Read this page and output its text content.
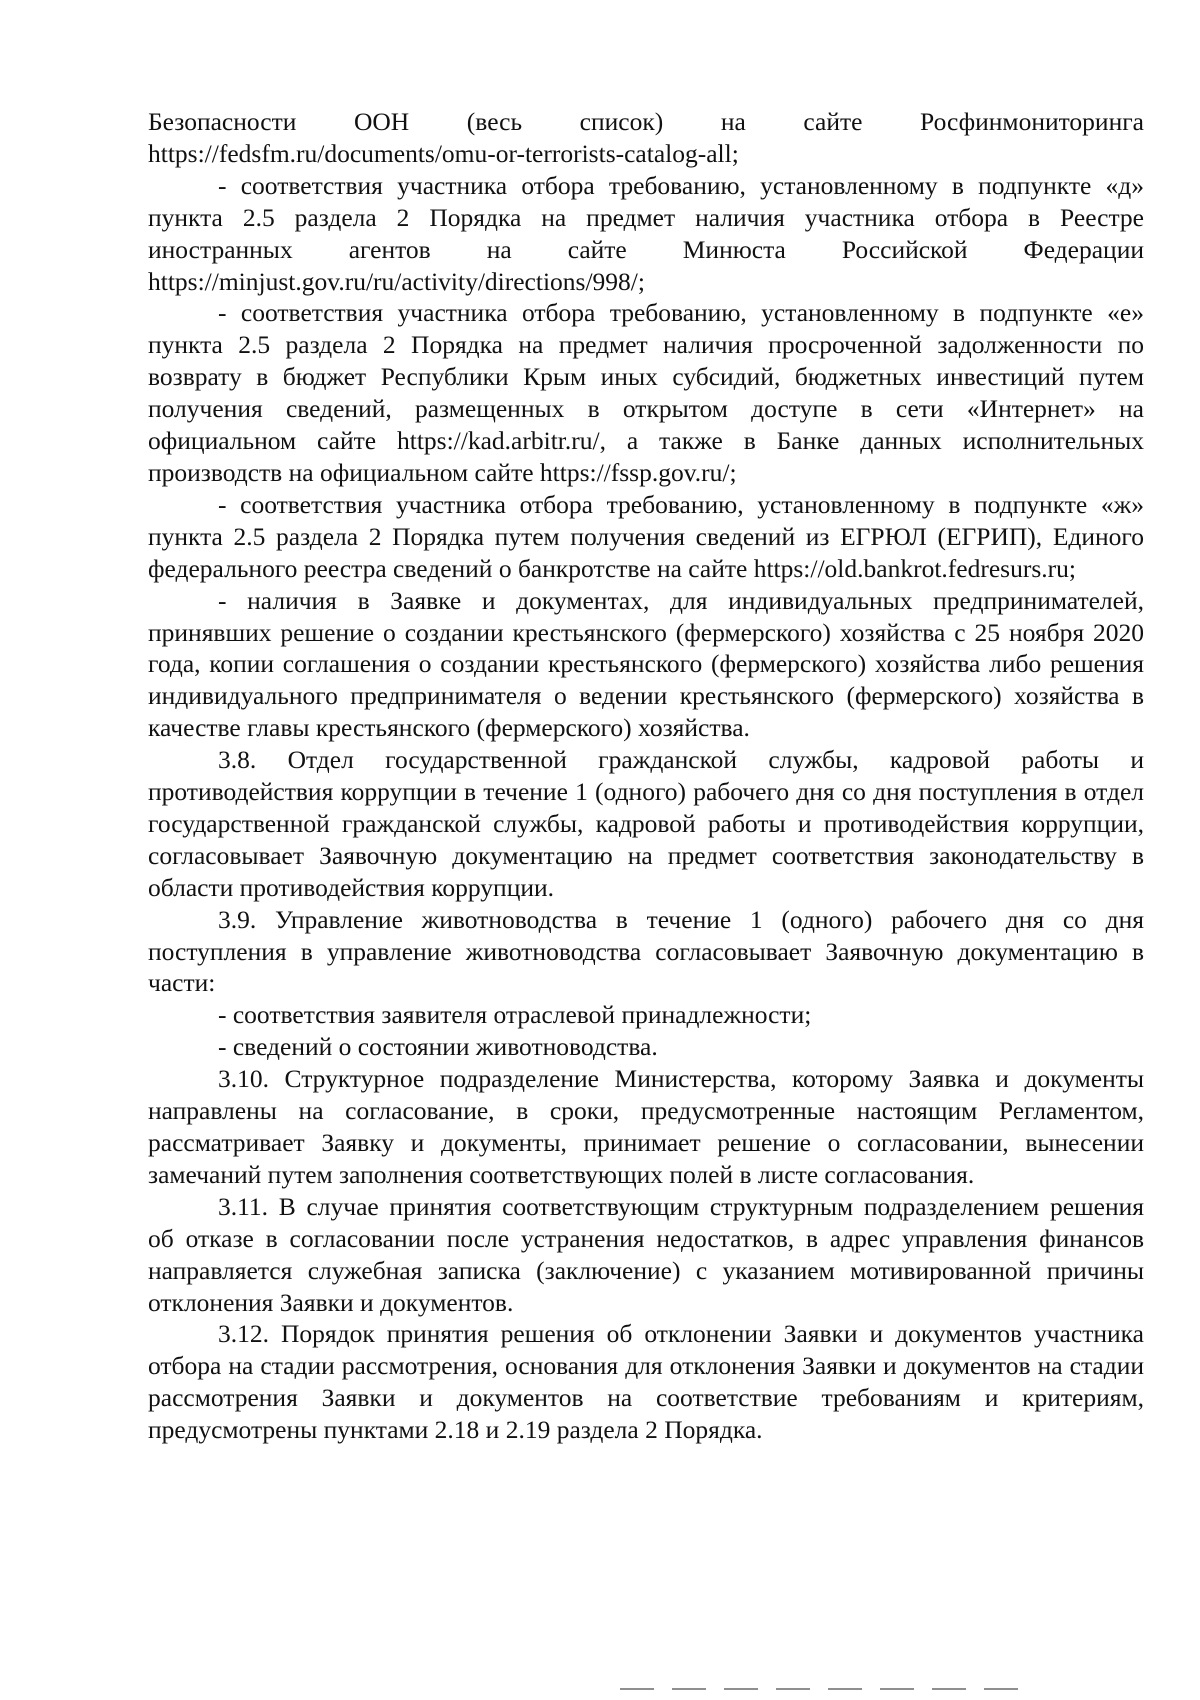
Безопасности ООН (весь список) на сайте Росфинмониторинга https://fedsfm.ru/documents/omu-or-terrorists-catalog-all;

- соответствия участника отбора требованию, установленному в подпункте «д» пункта 2.5 раздела 2 Порядка на предмет наличия участника отбора в Реестре иностранных агентов на сайте Минюста Российской Федерации https://minjust.gov.ru/ru/activity/directions/998/;

- соответствия участника отбора требованию, установленному в подпункте «е» пункта 2.5 раздела 2 Порядка на предмет наличия просроченной задолженности по возврату в бюджет Республики Крым иных субсидий, бюджетных инвестиций путем получения сведений, размещенных в открытом доступе в сети «Интернет» на официальном сайте https://kad.arbitr.ru/, а также в Банке данных исполнительных производств на официальном сайте https://fssp.gov.ru/;

- соответствия участника отбора требованию, установленному в подпункте «ж» пункта 2.5 раздела 2 Порядка путем получения сведений из ЕГРЮЛ (ЕГРИП), Единого федерального реестра сведений о банкротстве на сайте https://old.bankrot.fedresurs.ru;

- наличия в Заявке и документах, для индивидуальных предпринимателей, принявших решение о создании крестьянского (фермерского) хозяйства с 25 ноября 2020 года, копии соглашения о создании крестьянского (фермерского) хозяйства либо решения индивидуального предпринимателя о ведении крестьянского (фермерского) хозяйства в качестве главы крестьянского (фермерского) хозяйства.

3.8. Отдел государственной гражданской службы, кадровой работы и противодействия коррупции в течение 1 (одного) рабочего дня со дня поступления в отдел государственной гражданской службы, кадровой работы и противодействия коррупции, согласовывает Заявочную документацию на предмет соответствия законодательству в области противодействия коррупции.

3.9. Управление животноводства в течение 1 (одного) рабочего дня со дня поступления в управление животноводства согласовывает Заявочную документацию в части:

- соответствия заявителя отраслевой принадлежности;

- сведений о состоянии животноводства.

3.10. Структурное подразделение Министерства, которому Заявка и документы направлены на согласование, в сроки, предусмотренные настоящим Регламентом, рассматривает Заявку и документы, принимает решение о согласовании, вынесении замечаний путем заполнения соответствующих полей в листе согласования.

3.11. В случае принятия соответствующим структурным подразделением решения об отказе в согласовании после устранения недостатков, в адрес управления финансов направляется служебная записка (заключение) с указанием мотивированной причины отклонения Заявки и документов.

3.12. Порядок принятия решения об отклонении Заявки и документов участника отбора на стадии рассмотрения, основания для отклонения Заявки и документов на стадии рассмотрения Заявки и документов на соответствие требованиям и критериям, предусмотрены пунктами 2.18 и 2.19 раздела 2 Порядка.
